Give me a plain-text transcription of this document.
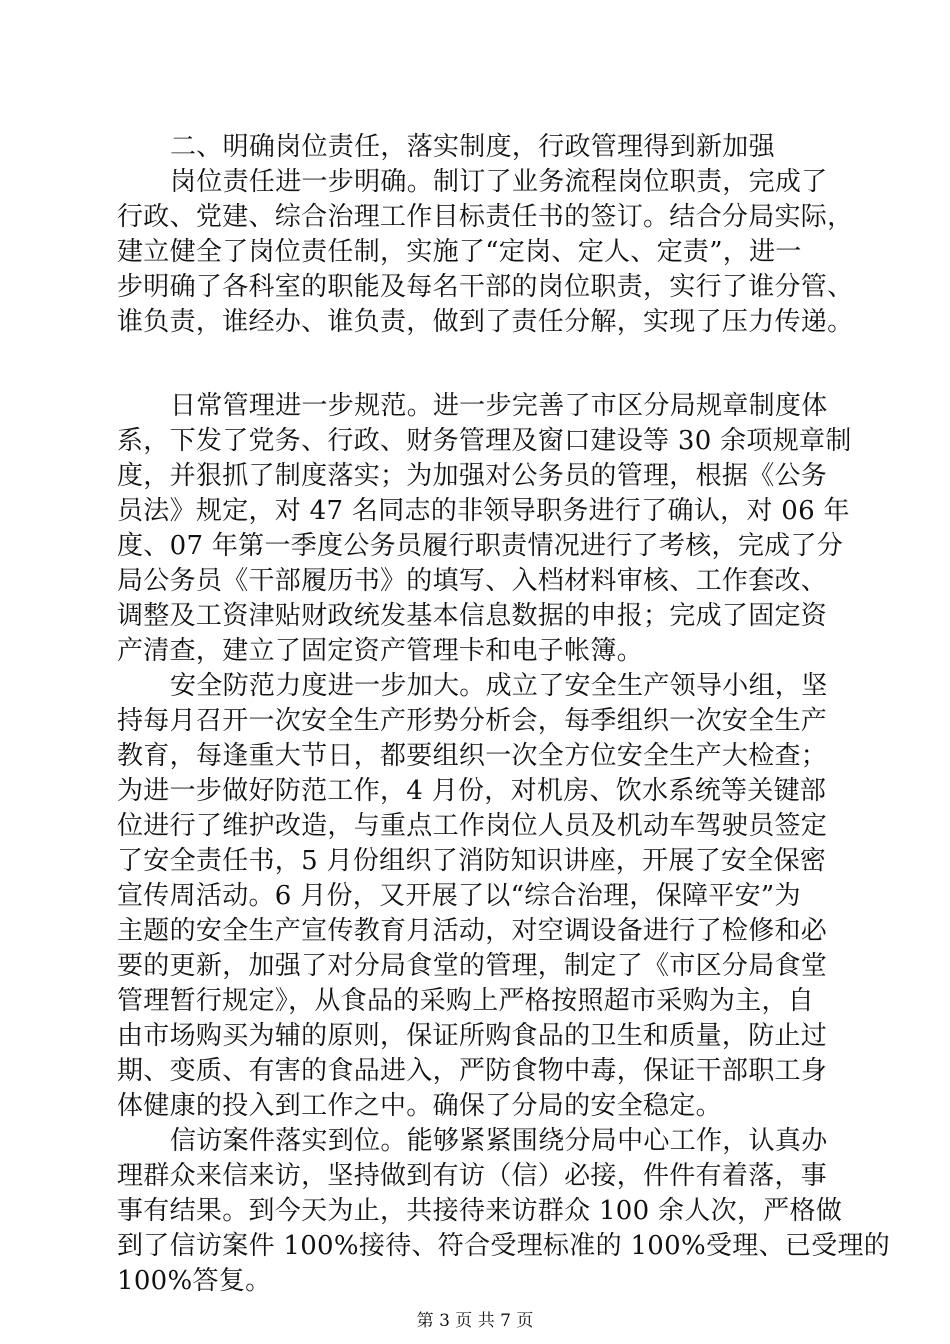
二、明确岗位责任，落实制度，行政管理得到新加强
岗位责任进一步明确。制订了业务流程岗位职责，完成了
行政、党建、综合治理工作目标责任书的签订。结合分局实际，
建立健全了岗位责任制，实施了“定岗、定人、定责”，进一
步明确了各科室的职能及每名干部的岗位职责，实行了谁分管、
谁负责，谁经办、谁负责，做到了责任分解，实现了压力传递。
日常管理进一步规范。进一步完善了市区分局规章制度体
系，下发了党务、行政、财务管理及窗口建设等 30 余项规章制
度，并狠抓了制度落实；为加强对公务员的管理，根据《公务
员法》规定，对 47 名同志的非领导职务进行了确认，对 06 年
度、07 年第一季度公务员履行职责情况进行了考核，完成了分
局公务员《干部履历书》的填写、入档材料审核、工作套改、
调整及工资津贴财政统发基本信息数据的申报；完成了固定资
产清查，建立了固定资产管理卡和电子帐簿。
安全防范力度进一步加大。成立了安全生产领导小组，坚
持每月召开一次安全生产形势分析会，每季组织一次安全生产
教育，每逢重大节日，都要组织一次全方位安全生产大检查；
为进一步做好防范工作，4 月份，对机房、饮水系统等关键部
位进行了维护改造，与重点工作岗位人员及机动车驾驶员签定
了安全责任书，5 月份组织了消防知识讲座，开展了安全保密
宣传周活动。6 月份，又开展了以“综合治理，保障平安”为
主题的安全生产宣传教育月活动，对空调设备进行了检修和必
要的更新，加强了对分局食堂的管理，制定了《市区分局食堂
管理暂行规定》，从食品的采购上严格按照超市采购为主，自
由市场购买为辅的原则，保证所购食品的卫生和质量，防止过
期、变质、有害的食品进入，严防食物中毒，保证干部职工身
体健康的投入到工作之中。确保了分局的安全稳定。
信访案件落实到位。能够紧紧围绕分局中心工作，认真办
理群众来信来访，坚持做到有访（信）必接，件件有着落，事
事有结果。到今天为止，共接待来访群众 100 余人次，严格做
到了信访案件 100%接待、符合受理标准的 100%受理、已受理的
100%答复。
第 3 页 共 7 页
